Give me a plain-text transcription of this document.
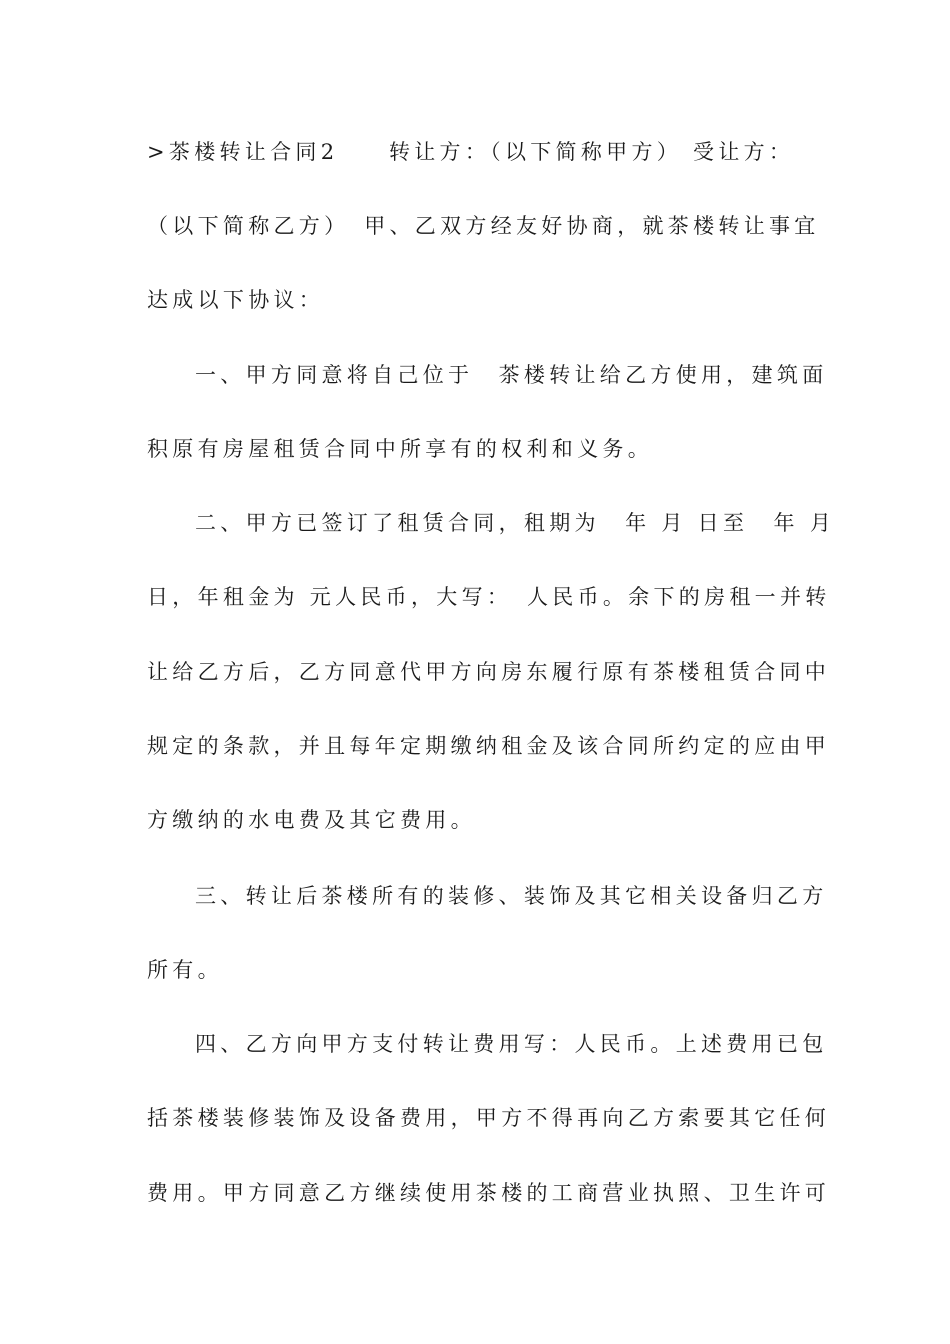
>茶楼转让合同2　　转让方：（以下简称甲方） 受让方：
（以下简称乙方）　甲、乙双方经友好协商，就茶楼转让事宜
达成以下协议：
一、甲方同意将自己位于　茶楼转让给乙方使用，建筑面
积原有房屋租赁合同中所享有的权利和义务。
二、甲方已签订了租赁合同，租期为　年 月 日至　年 月
日，年租金为 元人民币，大写：　人民币。余下的房租一并转
让给乙方后，乙方同意代甲方向房东履行原有茶楼租赁合同中
规定的条款，并且每年定期缴纳租金及该合同所约定的应由甲
方缴纳的水电费及其它费用。
三、转让后茶楼所有的装修、装饰及其它相关设备归乙方
所有。
四、乙方向甲方支付转让费用写：人民币。上述费用已包
括茶楼装修装饰及设备费用，甲方不得再向乙方索要其它任何
费用。甲方同意乙方继续使用茶楼的工商营业执照、卫生许可
